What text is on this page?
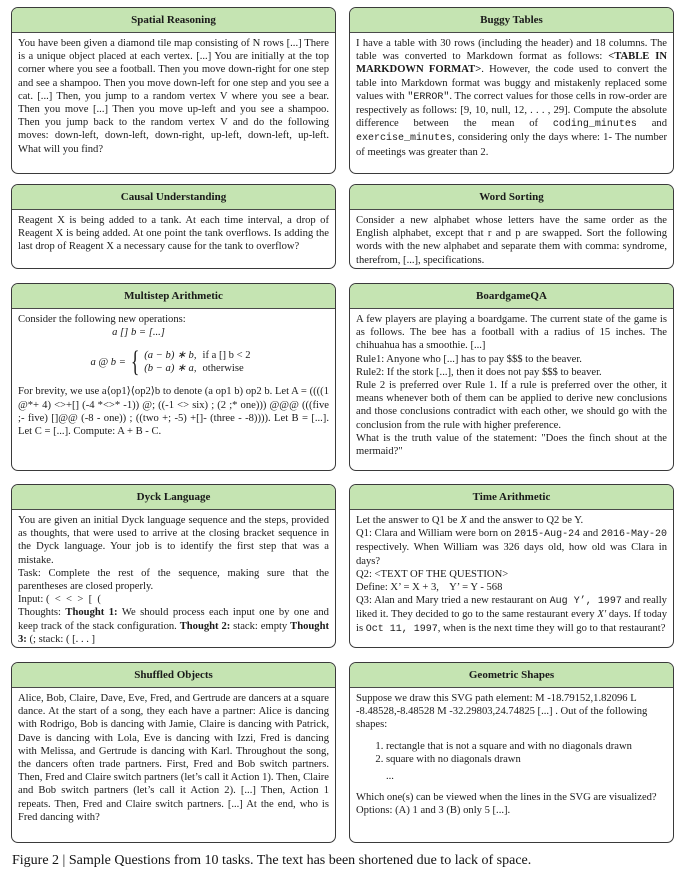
Spatial Reasoning
You have been given a diamond tile map consisting of N rows [...] There is a unique object placed at each vertex. [...] You are initially at the top corner where you see a football. Then you move down-right for one step and see a shampoo. Then you move down-left for one step and you see a cat. [...] Then, you jump to a random vertex V where you see a bear. Then you move [...] Then you move up-left and you see a shampoo. Then you jump back to the random vertex V and do the following moves: down-left, down-left, down-right, up-left, down-left, up-left. What will you find?
Buggy Tables
I have a table with 30 rows (including the header) and 18 columns. The table was converted to Markdown format as follows: <TABLE IN MARKDOWN FORMAT>. However, the code used to convert the table into Markdown format was buggy and mistakenly replaced some values with "ERROR". The correct values for those cells in row-order are respectively as follows: [9, 10, null, 12, . . . , 29]. Compute the absolute difference between the mean of coding_minutes and exercise_minutes, considering only the days where: 1- The number of meetings was greater than 2.
Causal Understanding
Reagent X is being added to a tank. At each time interval, a drop of Reagent X is being added. At one point the tank overflows. Is adding the last drop of Reagent X a necessary cause for the tank to overflow?
Word Sorting
Consider a new alphabet whose letters have the same order as the English alphabet, except that r and p are swapped. Sort the following words with the new alphabet and separate them with comma: syndrome, therefrom, [...], specifications.
Multistep Arithmetic

Consider the following new operations:

a [] b = [...]

a @ b = { (a − b) ∗ b,	if a [] b < 2
(b − a) ∗ a,	otherwise

For brevity, we use a⟨op1⟩⟨op2⟩b to denote (a op1 b) op2 b. Let A = ((((1 @*+ 4) <>+[] (-4 *<>* -1)) @; ((-1 <> six) ; (2 ;* one))) @@@ (((five ;- five) []@@ (-8 - one)) ; ((two +; -5) +[]- (three - -8)))). Let B = [...]. Let C = [...]. Compute: A + B - C.

BoardgameQA

A few players are playing a boardgame. The current state of the game is as follows. The bee has a football with a radius of 15 inches. The chihuahua has a smoothie. [...]

Rule1: Anyone who [...] has to pay $$$ to the beaver.

Rule2: If the stork [...], then it does not pay $$$ to beaver.

Rule 2 is preferred over Rule 1. If a rule is preferred over the other, it means whenever both of them can be applied to derive new conclusions and those conclusions contradict with each other, we should go with the conclusion from the rule with higher preference.

What is the truth value of the statement: "Does the finch shout at the mermaid?"

Dyck Language

You are given an initial Dyck language sequence and the steps, provided as thoughts, that were used to arrive at the closing bracket sequence in the Dyck language. Your job is to identify the first step that was a mistake.

Task: Complete the rest of the sequence, making sure that the parentheses are closed properly.

Input: (  <  <  >  [  (

Thoughts: Thought 1: We should process each input one by one and keep track of the stack configuration. Thought 2: stack: empty Thought 3: (; stack: ( [. . . ]

Time Arithmetic

Let the answer to Q1 be X and the answer to Q2 be Y.

Q1: Clara and William were born on 2015-Aug-24 and 2016-May-20 respectively. When William was 326 days old, how old was Clara in days?

Q2: <TEXT OF THE QUESTION>

Define: X’ = X + 3,    Y’ = Y - 568

Q3: Alan and Mary tried a new restaurant on Aug Y’, 1997 and really liked it. They decided to go to the same restaurant every X′ days. If today is Oct 11, 1997, when is the next time they will go to that restaurant?

Shuffled Objects
Alice, Bob, Claire, Dave, Eve, Fred, and Gertrude are dancers at a square dance. At the start of a song, they each have a partner: Alice is dancing with Rodrigo, Bob is dancing with Jamie, Claire is dancing with Patrick, Dave is dancing with Lola, Eve is dancing with Izzi, Fred is dancing with Melissa, and Gertrude is dancing with Karl. Throughout the song, the dancers often trade partners. First, Fred and Bob switch partners. Then, Fred and Claire switch partners (let’s call it Action 1). Then, Claire and Bob switch partners (let’s call it Action 2). [...] Then, Action 1 repeats. Then, Fred and Claire switch partners. [...] At the end, who is Fred dancing with?
Geometric Shapes

Suppose we draw this SVG path element: M -18.79152,1.82096 L -8.48528,-8.48528 M -32.29803,24.74825 [...] . Out of the following shapes:

1. rectangle that is not a square and with no diagonals drawn
2. square with no diagonals drawn

...

Which one(s) can be viewed when the lines in the SVG are visualized? Options: (A) 1 and 3 (B) only 5 [...].

Figure 2 | Sample Questions from 10 tasks. The text has been shortened due to lack of space.
